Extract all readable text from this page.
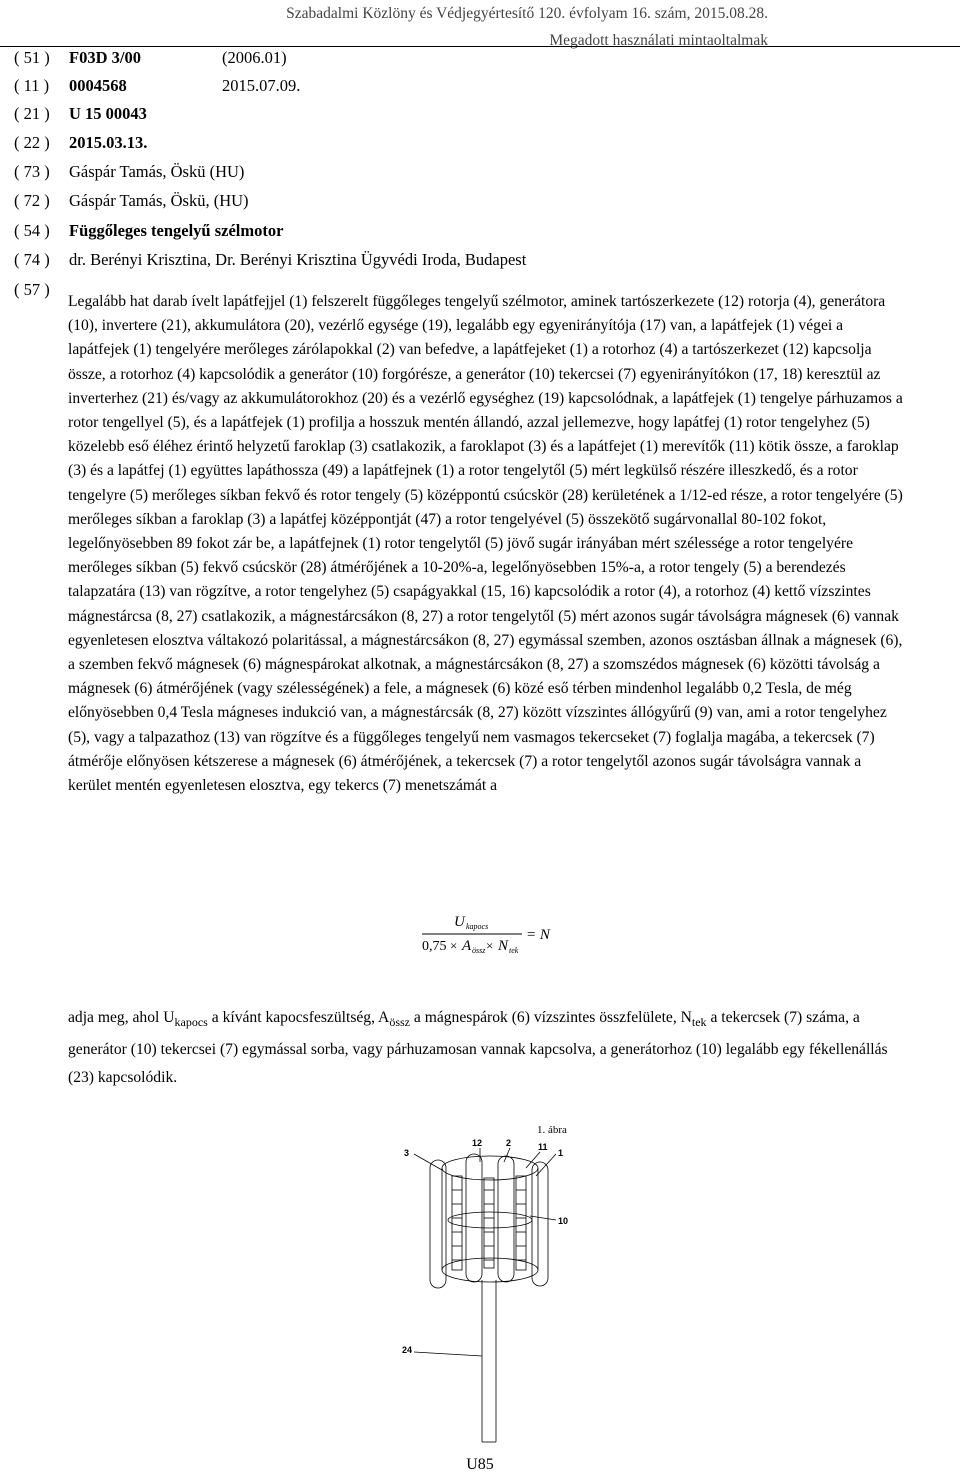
Szabadalmi Közlöny és Védjegyértesítő 120. évfolyam 16. szám, 2015.08.28.
Megadott használati mintaoltalmak
( 51 ) F03D 3/00	(2006.01)
( 11 ) 0004568	2015.07.09.
( 21 ) U 15 00043
( 22 ) 2015.03.13.
( 73 ) Gáspár Tamás, Öskü (HU)
( 72 ) Gáspár Tamás, Öskü, (HU)
( 54 ) Függőleges tengelyű szélmotor
( 74 ) dr. Berényi Krisztina, Dr. Berényi Krisztina Ügyvédi Iroda, Budapest
( 57 )

Legalább hat darab ívelt lapátfejjel (1) felszerelt függőleges tengelyű szélmotor, aminek tartószerkezete (12) rotorja (4), generátora (10), invertere (21), akkumulátora (20), vezérlő egysége (19), legalább egy egyenirányítója (17) van, a lapátfejek (1) végei a lapátfejek (1) tengelyére merőleges zárólapokkal (2) van befedve, a lapátfejeket (1) a rotorhoz (4) a tartószerkezet (12) kapcsolja össze, a rotorhoz (4) kapcsolódik a generátor (10) forgórésze, a generátor (10) tekercsei (7) egyenirányítókon (17, 18) keresztül az inverterhez (21) és/vagy az akkumulátorokhoz (20) és a vezérlő egységhez (19) kapcsolódnak, a lapátfejek (1) tengelye párhuzamos a rotor tengellyel (5), és a lapátfejek (1) profilja a hosszuk mentén állandó, azzal jellemezve, hogy lapátfej (1) rotor tengelyhez (5) közelebb eső éléhez érintő helyzetű faroklap (3) csatlakozik, a faroklapot (3) és a lapátfejet (1) merevítők (11) kötik össze, a faroklap (3) és a lapátfej (1) együttes lapáthossza (49) a lapátfejnek (1) a rotor tengelytől (5) mért legkülső részére illeszkedő, és a rotor tengelyre (5) merőleges síkban fekvő és rotor tengely (5) középpontú csúcskör (28) kerületének a 1/12-ed része, a rotor tengelyére (5) merőleges síkban a faroklap (3) a lapátfej középpontját (47) a rotor tengelyével (5) összekötő sugárvonallal 80-102 fokot, legelőnyösebben 89 fokot zár be, a lapátfejnek (1) rotor tengelytől (5) jövő sugár irányában mért szélessége a rotor tengelyére merőleges síkban (5) fekvő csúcskör (28) átmérőjének a 10-20%-a, legelőnyösebben 15%-a, a rotor tengely (5) a berendezés talapzatára (13) van rögzítve, a rotor tengelyhez (5) csapágyakkal (15, 16) kapcsolódik a rotor (4), a rotorhoz (4) kettő vízszintes mágnestárcsa (8, 27) csatlakozik, a mágnestárcsákon (8, 27) a rotor tengelytől (5) mért azonos sugár távolságra mágnesek (6) vannak egyenletesen elosztva váltakozó polaritással, a mágnestárcsákon (8, 27) egymással szemben, azonos osztásban állnak a mágnesek (6), a szemben fekvő mágnesek (6) mágnespárokat alkotnak, a mágnestárcsákon (8, 27) a szomszédos mágnesek (6) közötti távolság a mágnesek (6) átmérőjének (vagy szélességének) a fele, a mágnesek (6) közé eső térben mindenhol legalább 0,2 Tesla, de még előnyösebben 0,4 Tesla mágneses indukció van, a mágnestárcsák (8, 27) között vízszintes állógyűrű (9) van, ami a rotor tengelyhez (5), vagy a talpazathoz (13) van rögzítve és a függőleges tengelyű nem vasmagos tekercseket (7) foglalja magába, a tekercsek (7) átmérője előnyösen kétszerese a mágnesek (6) átmérőjének, a tekercsek (7) a rotor tengelytől azonos sugár távolságra vannak a kerület mentén egyenletesen elosztva, egy tekercs (7) menetszámát a

U kapocs
0,75 × A össz × N tek
= N
adja meg, ahol $U_{kapocs}$ a kívánt kapocsfeszültség, $A_{össz}$ a mágnespárok (6) vízszintes összfelülete, $N_{tek}$ a tekercsek (7) száma, a generátor (10) tekercsei (7) egymással sorba, vagy párhuzamosan vannak kapcsolva, a generátorhoz (10) legalább egy fékellenállás (23) kapcsolódik.
1. ábra
3
12	2	11
1
10
24
U85
